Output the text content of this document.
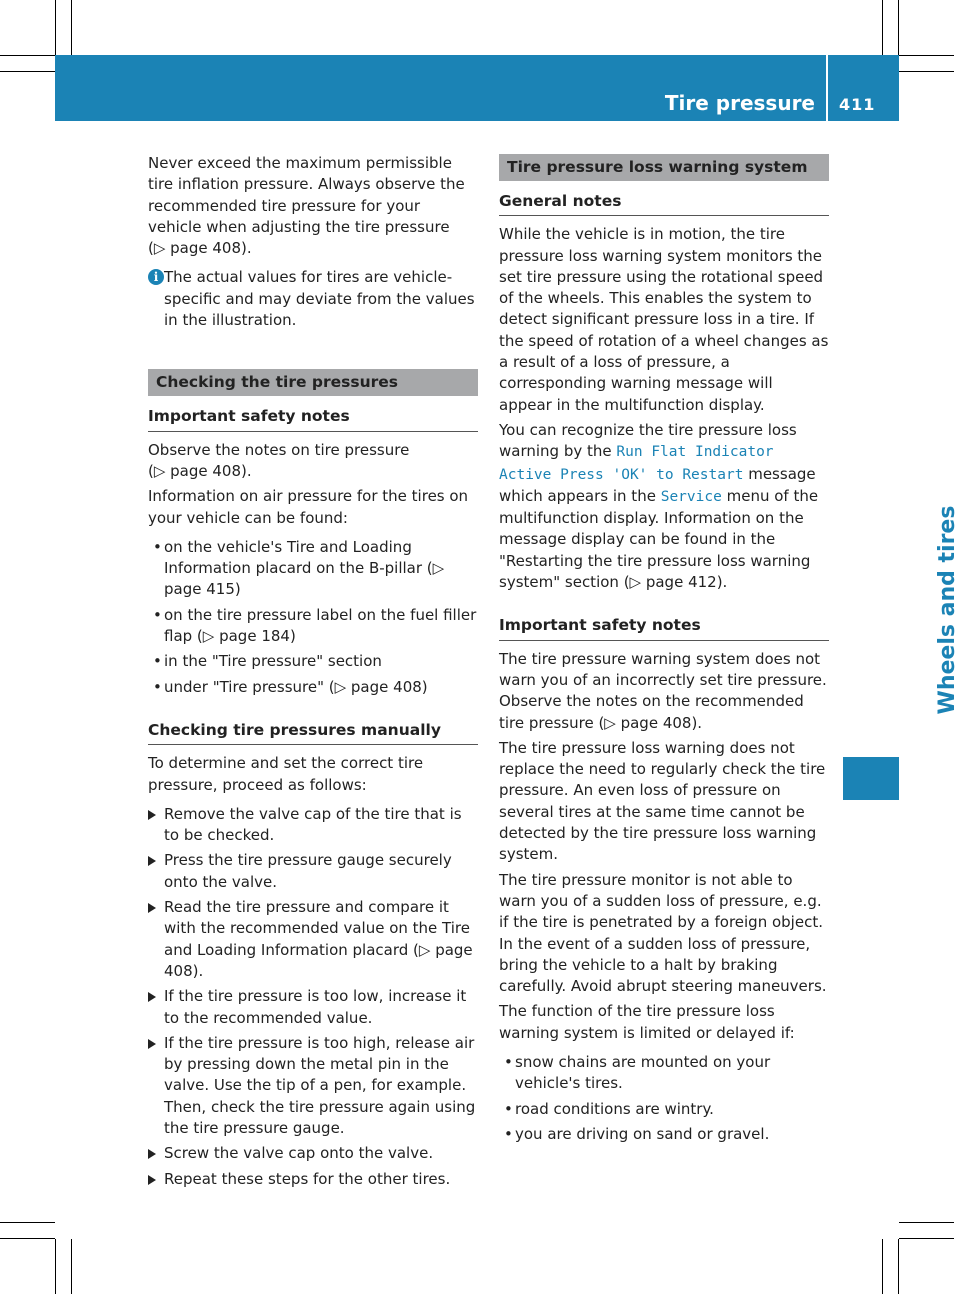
Tire pressure 411
Wheels and tires

Never exceed the maximum permissible tire inflation pressure. Always observe the recommended tire pressure for your vehicle when adjusting the tire pressure
(▷ page 408).

i The actual values for tires are vehicle-specific and may deviate from the values in the illustration.
Checking the tire pressures
Important safety notes

Observe the notes on tire pressure
(▷ page 408).

Information on air pressure for the tires on your vehicle can be found:

• on the vehicle's Tire and Loading Information placard on the B-pillar (▷ page 415)
• on the tire pressure label on the fuel filler flap (▷ page 184)
• in the "Tire pressure" section
• under "Tire pressure" (▷ page 408)
Checking tire pressures manually

To determine and set the correct tire pressure, proceed as follows:

Remove the valve cap of the tire that is to be checked.
Press the tire pressure gauge securely onto the valve.
Read the tire pressure and compare it with the recommended value on the Tire and Loading Information placard (▷ page 408).
If the tire pressure is too low, increase it to the recommended value.
If the tire pressure is too high, release air by pressing down the metal pin in the valve. Use the tip of a pen, for example. Then, check the tire pressure again using the tire pressure gauge.
Screw the valve cap onto the valve.
Repeat these steps for the other tires.
Tire pressure loss warning system
General notes

While the vehicle is in motion, the tire pressure loss warning system monitors the set tire pressure using the rotational speed of the wheels. This enables the system to detect significant pressure loss in a tire. If the speed of rotation of a wheel changes as a result of a loss of pressure, a corresponding warning message will appear in the multifunction display.

You can recognize the tire pressure loss warning by the Run Flat Indicator Active Press 'OK' to Restart message which appears in the Service menu of the multifunction display. Information on the message display can be found in the "Restarting the tire pressure loss warning system" section (▷ page 412).

Important safety notes

The tire pressure warning system does not warn you of an incorrectly set tire pressure. Observe the notes on the recommended tire pressure (▷ page 408).

The tire pressure loss warning does not replace the need to regularly check the tire pressure. An even loss of pressure on several tires at the same time cannot be detected by the tire pressure loss warning system.

The tire pressure monitor is not able to warn you of a sudden loss of pressure, e.g. if the tire is penetrated by a foreign object. In the event of a sudden loss of pressure, bring the vehicle to a halt by braking carefully. Avoid abrupt steering maneuvers.

The function of the tire pressure loss warning system is limited or delayed if:

• snow chains are mounted on your vehicle's tires.
• road conditions are wintry.
• you are driving on sand or gravel.
